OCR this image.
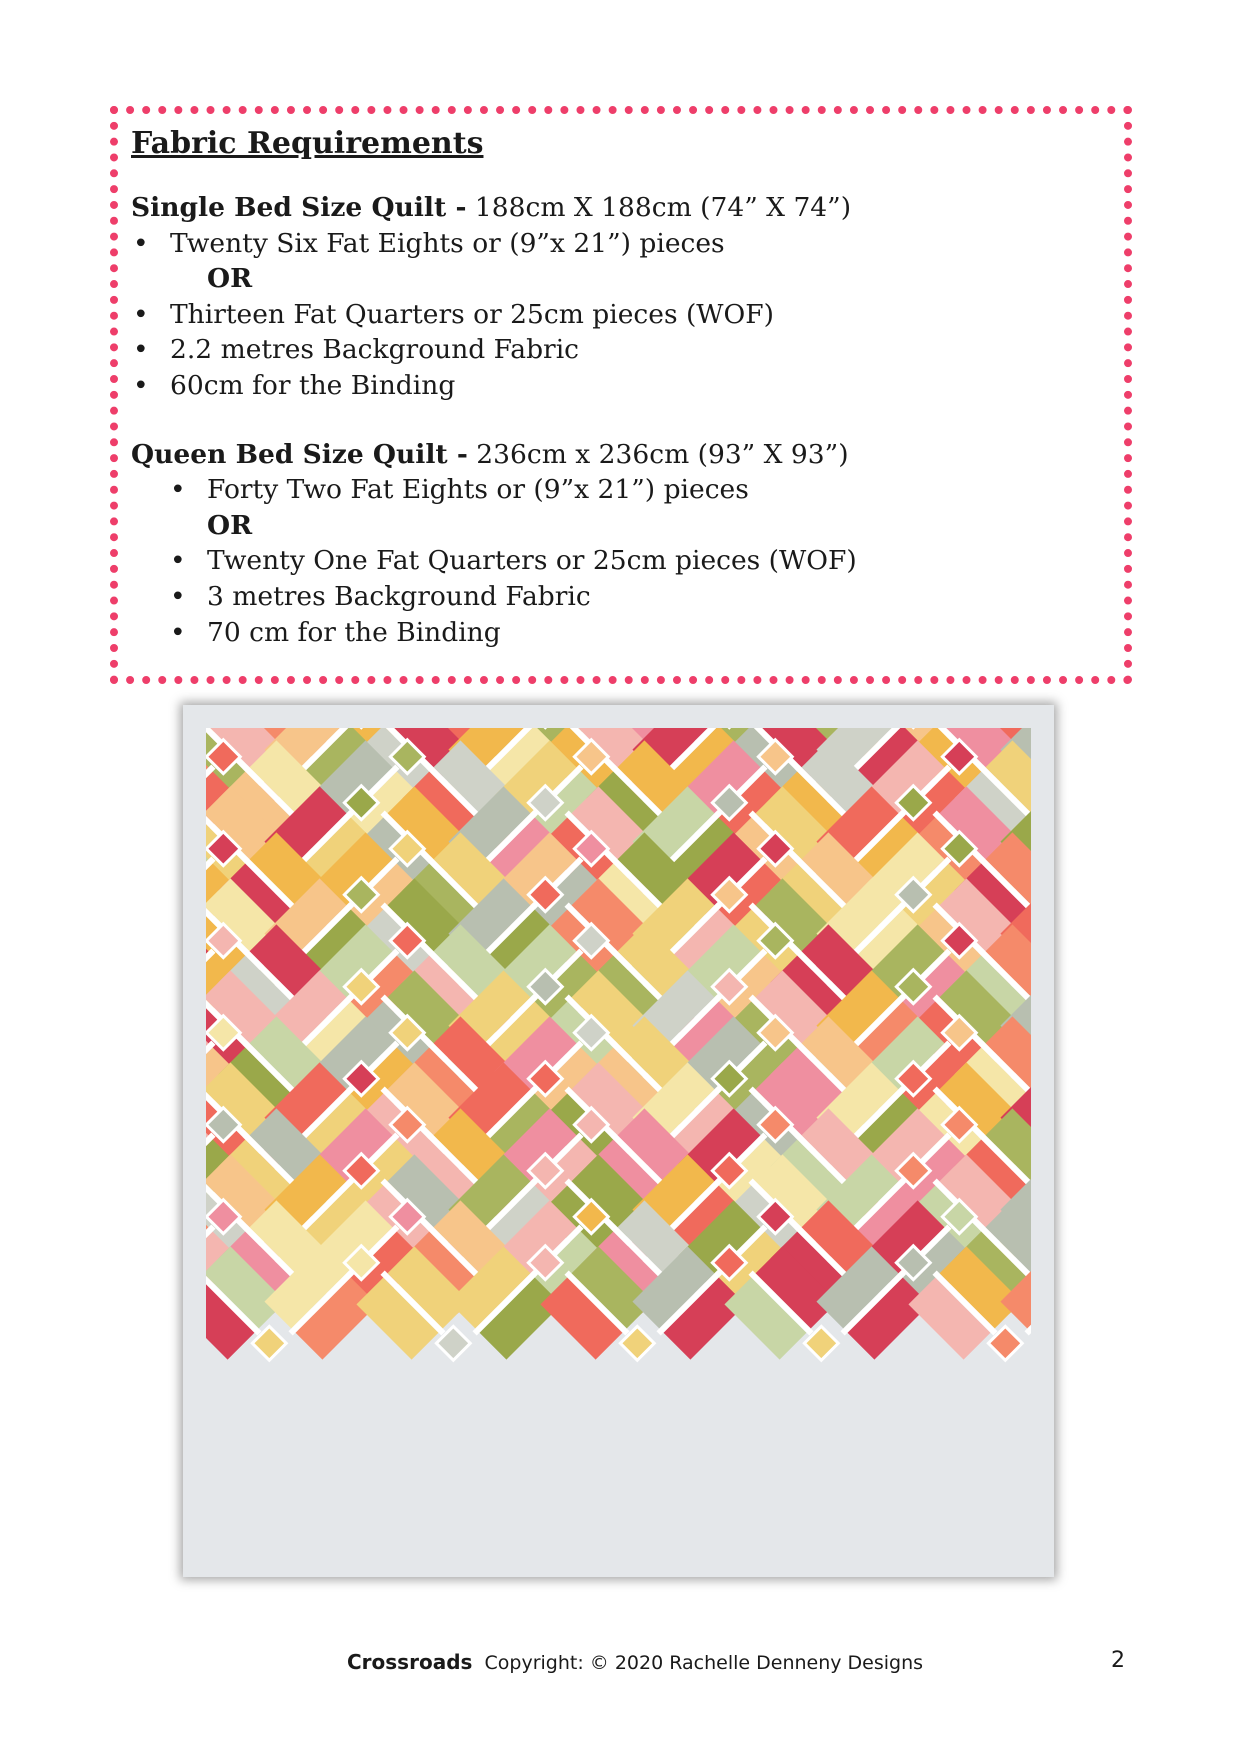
Fabric Requirements

Single Bed Size Quilt - 188cm X 188cm (74” X 74”)

• Twenty Six Fat Eights or (9”x 21”) pieces
OR
• Thirteen Fat Quarters or 25cm pieces (WOF)
• 2.2 metres Background Fabric
• 60cm for the Binding

Queen Bed Size Quilt - 236cm x 236cm (93” X 93”)

• Forty Two Fat Eights or (9”x 21”) pieces
OR
• Twenty One Fat Quarters or 25cm pieces (WOF)
• 3 metres Background Fabric
• 70 cm for the Binding
Crossroads Copyright: © 2020 Rachelle Denneny Designs	2
